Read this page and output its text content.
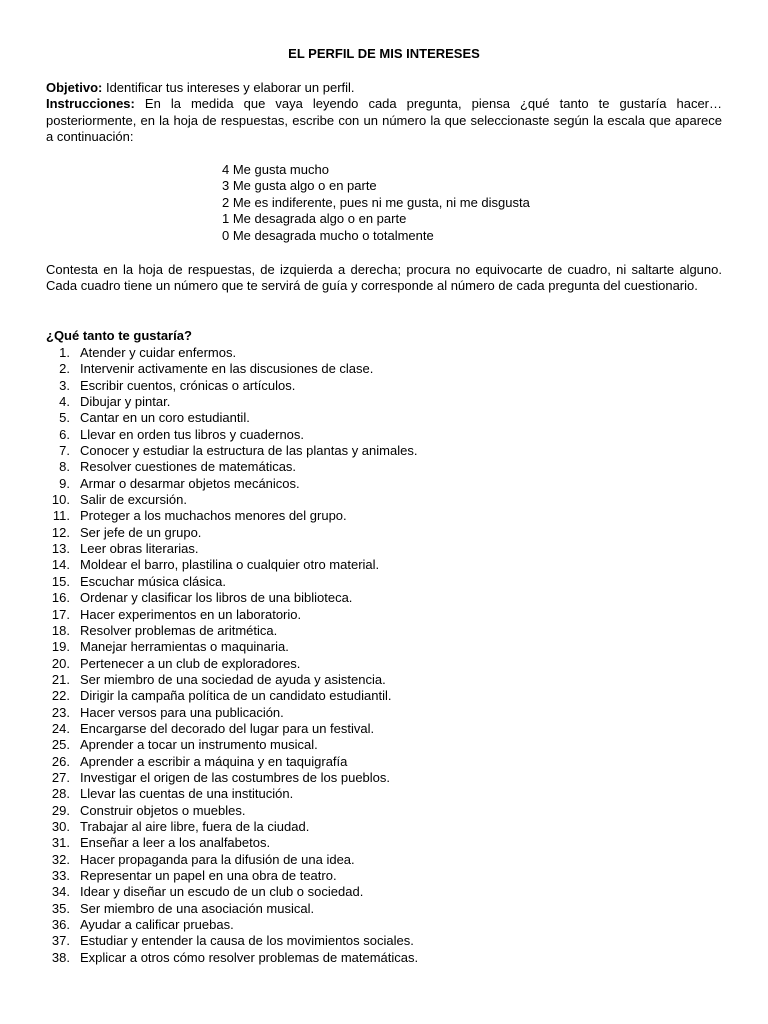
EL PERFIL DE MIS INTERESES

Objetivo: Identificar tus intereses y elaborar un perfil.

Instrucciones: En la medida que vaya leyendo cada pregunta, piensa ¿qué tanto te gustaría hacer… posteriormente, en la hoja de respuestas, escribe con un número la que seleccionaste según la escala que aparece a continuación:

4 Me gusta mucho
3 Me gusta algo o en parte
2 Me es indiferente, pues ni me gusta, ni me disgusta
1 Me desagrada algo o en parte
0 Me desagrada mucho o totalmente

Contesta en la hoja de respuestas, de izquierda a derecha; procura no equivocarte de cuadro, ni saltarte alguno. Cada cuadro tiene un número que te servirá de guía y corresponde al número de cada pregunta del cuestionario.

¿Qué tanto te gustaría?

1. Atender y cuidar enfermos.
2. Intervenir activamente en las discusiones de clase.
3. Escribir cuentos, crónicas o artículos.
4. Dibujar y pintar.
5. Cantar en un coro estudiantil.
6. Llevar en orden tus libros y cuadernos.
7. Conocer y estudiar la estructura de las plantas y animales.
8. Resolver cuestiones de matemáticas.
9. Armar o desarmar objetos mecánicos.
10. Salir de excursión.
11. Proteger a los muchachos menores del grupo.
12. Ser jefe de un grupo.
13. Leer obras literarias.
14. Moldear el barro, plastilina o cualquier otro material.
15. Escuchar música clásica.
16. Ordenar y clasificar los libros de una biblioteca.
17. Hacer experimentos en un laboratorio.
18. Resolver problemas de aritmética.
19. Manejar herramientas o maquinaria.
20. Pertenecer a un club de exploradores.
21. Ser miembro de una sociedad de ayuda y asistencia.
22. Dirigir la campaña política de un candidato estudiantil.
23. Hacer versos para una publicación.
24. Encargarse del decorado del lugar para un festival.
25. Aprender a tocar un instrumento musical.
26. Aprender a escribir a máquina y en taquigrafía
27. Investigar el origen de las costumbres de los pueblos.
28. Llevar las cuentas de una institución.
29. Construir objetos o muebles.
30. Trabajar al aire libre, fuera de la ciudad.
31. Enseñar a leer a los analfabetos.
32. Hacer propaganda para la difusión de una idea.
33. Representar un papel en una obra de teatro.
34. Idear y diseñar un escudo de un club o sociedad.
35. Ser miembro de una asociación musical.
36. Ayudar a calificar pruebas.
37. Estudiar y entender la causa de los movimientos sociales.
38. Explicar a otros cómo resolver problemas de matemáticas.
